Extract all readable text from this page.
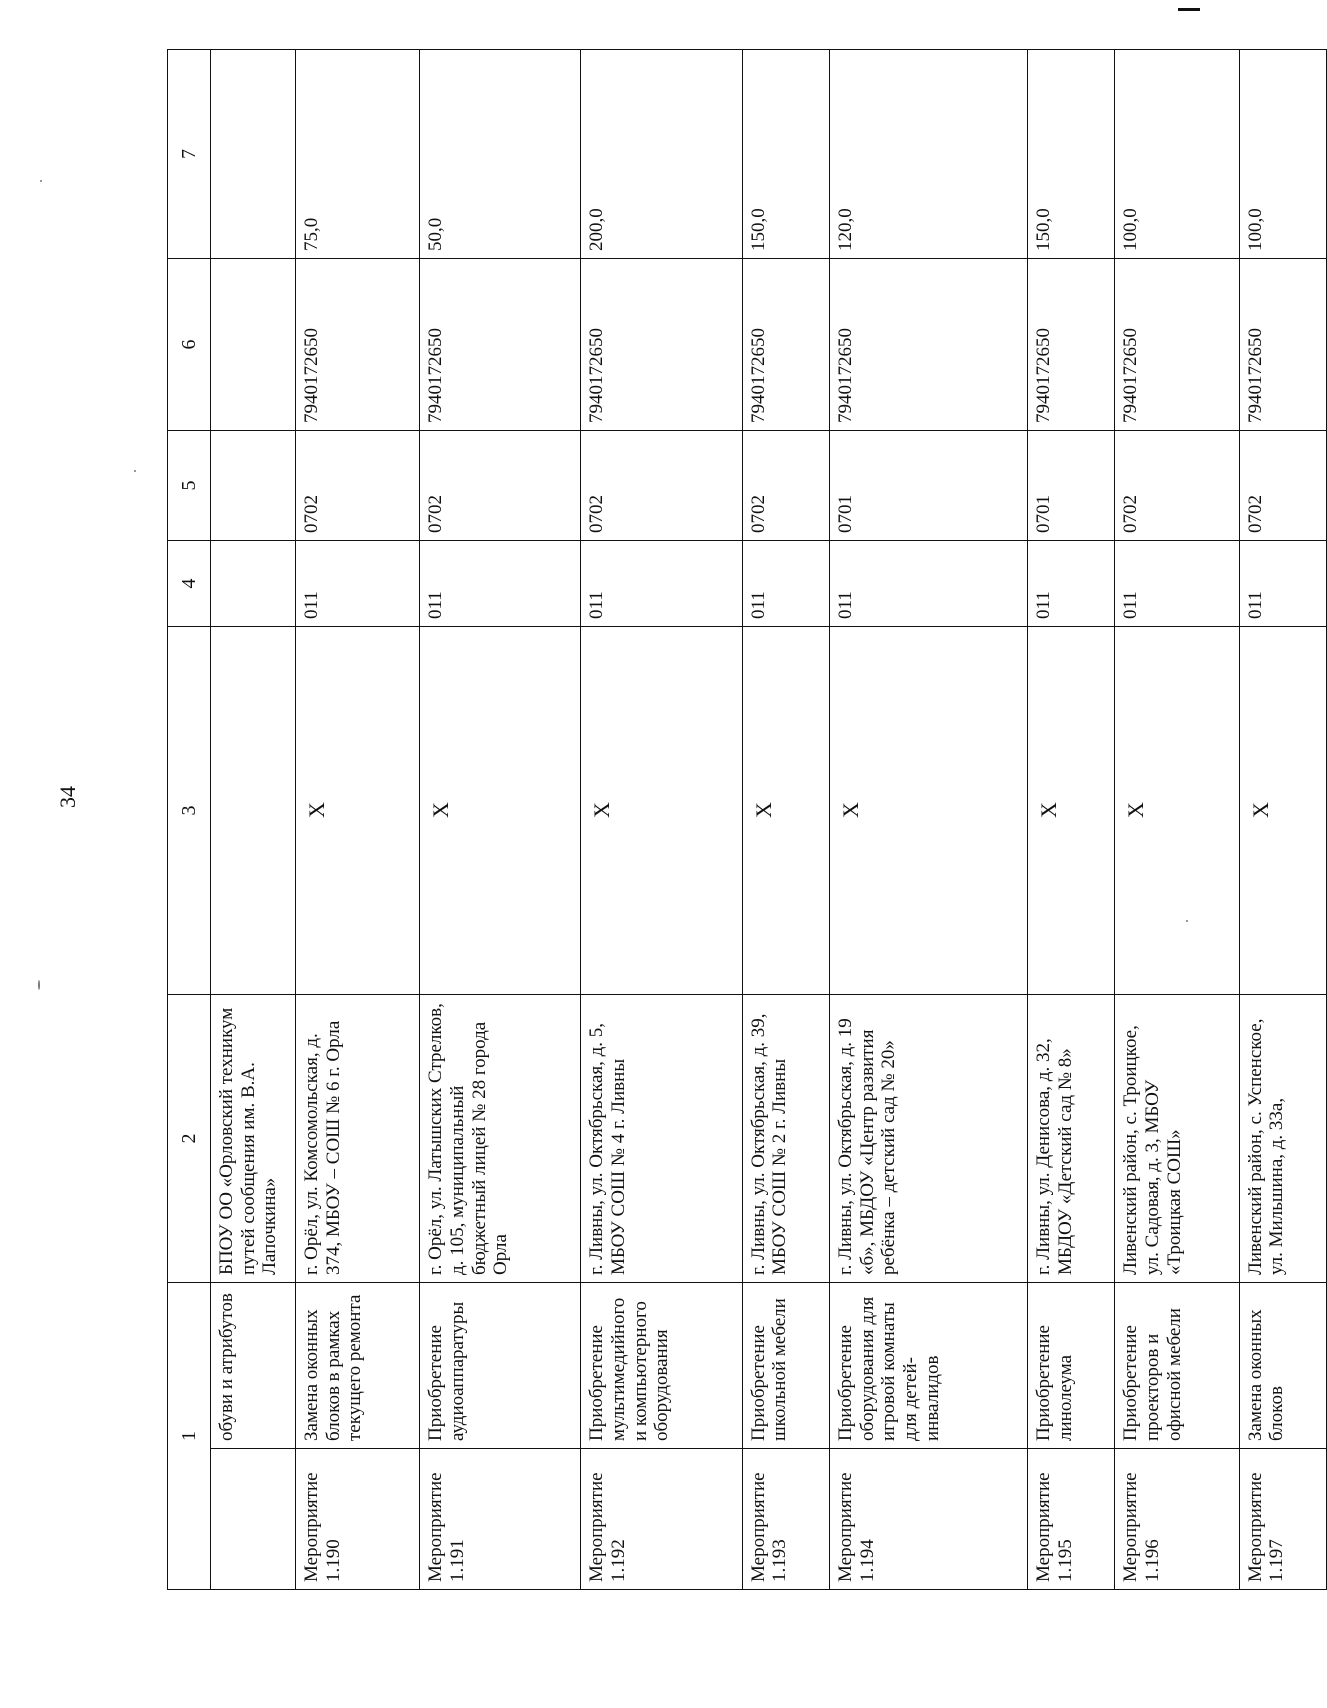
34
1		2	3	4	5	6	7
	обуви и атрибутов	БПОУ ОО «Орловский техникум путей сообщения им. В.А. Лапочкина»					
Мероприятие 1.190	Замена оконных блоков в рамках текущего ремонта	г. Орёл, ул. Комсомольская, д. 374, МБОУ – СОШ № 6 г. Орла	X	011	0702	7940172650	75,0
Мероприятие 1.191	Приобретение аудиоаппаратуры	г. Орёл, ул. Латышских Стрелков, д. 105, муниципальный бюджетный лицей № 28 города Орла	X	011	0702	7940172650	50,0
Мероприятие 1.192	Приобретение мультимедийного и компьютерного оборудования	г. Ливны, ул. Октябрьская, д. 5, МБОУ СОШ № 4 г. Ливны	X	011	0702	7940172650	200,0
Мероприятие 1.193	Приобретение школьной мебели	г. Ливны, ул. Октябрьская, д. 39, МБОУ СОШ № 2 г. Ливны	X	011	0702	7940172650	150,0
Мероприятие 1.194	Приобретение оборудования для игровой комнаты для детей-инвалидов	г. Ливны, ул. Октябрьская, д. 19 «б», МБДОУ «Центр развития ребёнка – детский сад № 20»	X	011	0701	7940172650	120,0
Мероприятие 1.195	Приобретение линолеума	г. Ливны, ул. Денисова, д. 32, МБДОУ «Детский сад № 8»	X	011	0701	7940172650	150,0
Мероприятие 1.196	Приобретение проекторов и офисной мебели	Ливенский район, с. Троицкое, ул. Садовая, д. 3, МБОУ «Троицкая СОШ»	X	011	0702	7940172650	100,0
Мероприятие 1.197	Замена оконных блоков	Ливенский район, с. Успенское, ул. Мильшина, д. 33а,	X	011	0702	7940172650	100,0
